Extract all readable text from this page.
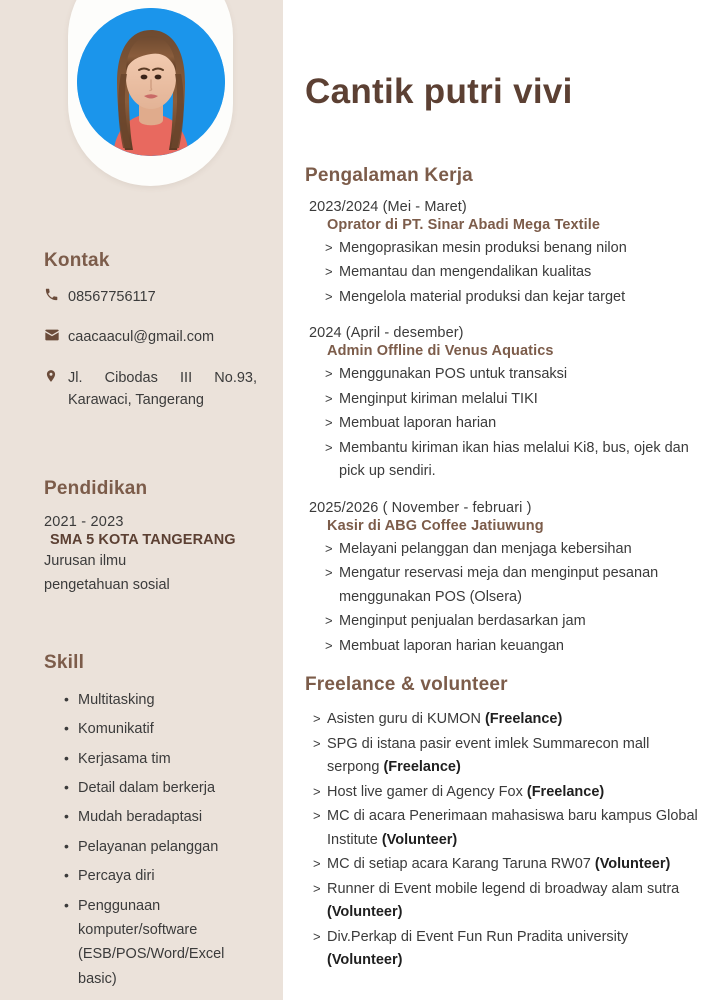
Kontak
08567756117
caacaacul@gmail.com
Jl. Cibodas III No.93,
Karawaci, Tangerang
Pendidikan

2021 - 2023

SMA 5 KOTA TANGERANG

Jurusan ilmu

pengetahuan sosial

Skill
• Multitasking
• Komunikatif
• Kerjasama tim
• Detail dalam berkerja
• Mudah beradaptasi
• Pelayanan pelanggan
• Percaya diri
• Penggunaan komputer/software (ESB/POS/Word/Excel basic)
Cantik putri vivi
Pengalaman Kerja

2023/2024 (Mei - Maret)

Oprator di PT. Sinar Abadi Mega Textile

> Mengoprasikan mesin produksi benang nilon
> Memantau dan mengendalikan kualitas
> Mengelola material produksi dan kejar target

2024 (April - desember)

Admin Offline di Venus Aquatics

> Menggunakan POS untuk transaksi
> Menginput kiriman melalui TIKI
> Membuat laporan harian
> Membantu kiriman ikan hias melalui Ki8, bus, ojek dan pick up sendiri.

2025/2026 ( November - februari )

Kasir di ABG Coffee Jatiuwung

> Melayani pelanggan dan menjaga kebersihan
> Mengatur reservasi meja dan menginput pesanan menggunakan POS (Olsera)
> Menginput penjualan berdasarkan jam
> Membuat laporan harian keuangan
Freelance & volunteer
> Asisten guru di KUMON (Freelance)
> SPG di istana pasir event imlek Summarecon mall serpong (Freelance)
> Host live gamer di Agency Fox (Freelance)
> MC di acara Penerimaan mahasiswa baru kampus Global Institute (Volunteer)
> MC di setiap acara Karang Taruna RW07 (Volunteer)
> Runner di Event mobile legend di broadway alam sutra (Volunteer)
> Div.Perkap di Event Fun Run Pradita university (Volunteer)
